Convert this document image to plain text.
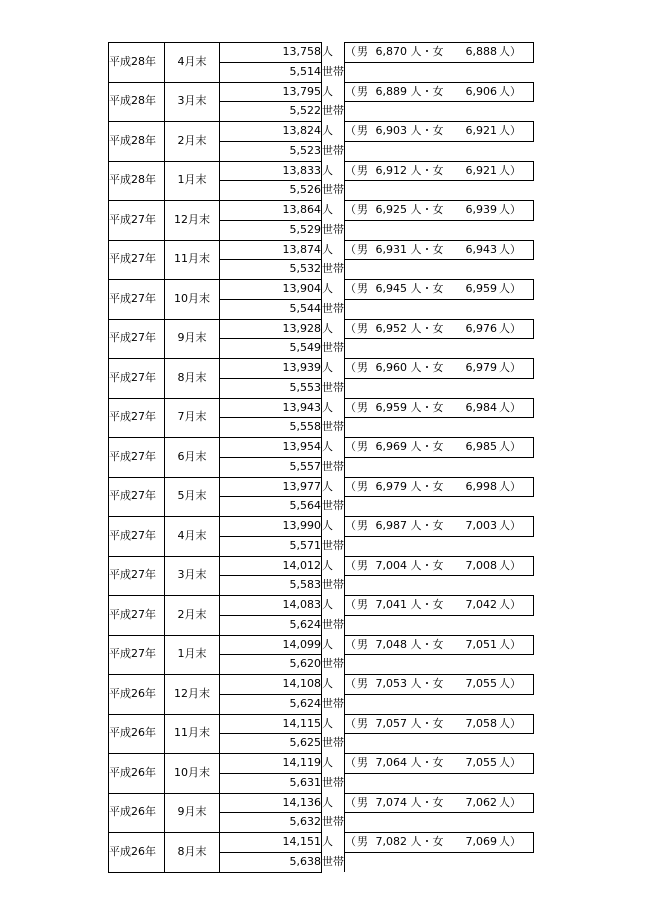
平成28年	4月末	13,758	人	（男 6,870 人・女 6,888 人）
		5,514	世帯	
平成28年	3月末	13,795	人	（男 6,889 人・女 6,906 人）
		5,522	世帯	
平成28年	2月末	13,824	人	（男 6,903 人・女 6,921 人）
		5,523	世帯	
平成28年	1月末	13,833	人	（男 6,912 人・女 6,921 人）
		5,526	世帯	
平成27年	12月末	13,864	人	（男 6,925 人・女 6,939 人）
		5,529	世帯	
平成27年	11月末	13,874	人	（男 6,931 人・女 6,943 人）
		5,532	世帯	
平成27年	10月末	13,904	人	（男 6,945 人・女 6,959 人）
		5,544	世帯	
平成27年	9月末	13,928	人	（男 6,952 人・女 6,976 人）
		5,549	世帯	
平成27年	8月末	13,939	人	（男 6,960 人・女 6,979 人）
		5,553	世帯	
平成27年	7月末	13,943	人	（男 6,959 人・女 6,984 人）
		5,558	世帯	
平成27年	6月末	13,954	人	（男 6,969 人・女 6,985 人）
		5,557	世帯	
平成27年	5月末	13,977	人	（男 6,979 人・女 6,998 人）
		5,564	世帯	
平成27年	4月末	13,990	人	（男 6,987 人・女 7,003 人）
		5,571	世帯	
平成27年	3月末	14,012	人	（男 7,004 人・女 7,008 人）
		5,583	世帯	
平成27年	2月末	14,083	人	（男 7,041 人・女 7,042 人）
		5,624	世帯	
平成27年	1月末	14,099	人	（男 7,048 人・女 7,051 人）
		5,620	世帯	
平成26年	12月末	14,108	人	（男 7,053 人・女 7,055 人）
		5,624	世帯	
平成26年	11月末	14,115	人	（男 7,057 人・女 7,058 人）
		5,625	世帯	
平成26年	10月末	14,119	人	（男 7,064 人・女 7,055 人）
		5,631	世帯	
平成26年	9月末	14,136	人	（男 7,074 人・女 7,062 人）
		5,632	世帯	
平成26年	8月末	14,151	人	（男 7,082 人・女 7,069 人）
		5,638	世帯	
